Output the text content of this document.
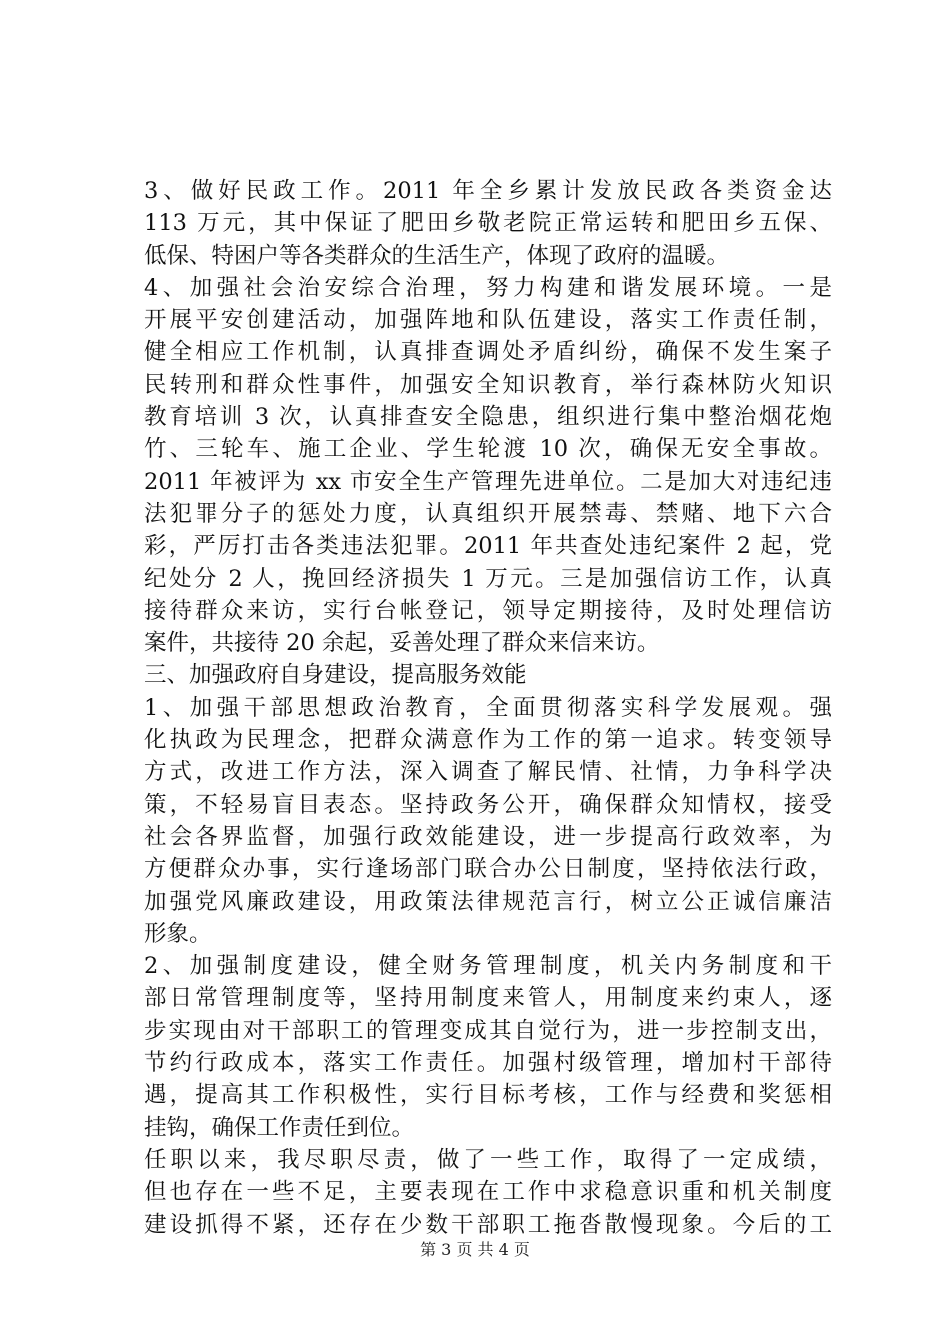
3、做好民政工作。2011 年全乡累计发放民政各类资金达
113 万元，其中保证了肥田乡敬老院正常运转和肥田乡五保、
低保、特困户等各类群众的生活生产，体现了政府的温暖。
4、加强社会治安综合治理，努力构建和谐发展环境。一是
开展平安创建活动，加强阵地和队伍建设，落实工作责任制，
健全相应工作机制，认真排查调处矛盾纠纷，确保不发生案子
民转刑和群众性事件，加强安全知识教育，举行森林防火知识
教育培训 3 次，认真排查安全隐患，组织进行集中整治烟花炮
竹、三轮车、施工企业、学生轮渡 10 次，确保无安全事故。
2011 年被评为 xx 市安全生产管理先进单位。二是加大对违纪违
法犯罪分子的惩处力度，认真组织开展禁毒、禁赌、地下六合
彩，严厉打击各类违法犯罪。2011 年共查处违纪案件 2 起，党
纪处分 2 人，挽回经济损失 1 万元。三是加强信访工作，认真
接待群众来访，实行台帐登记，领导定期接待，及时处理信访
案件，共接待 20 余起，妥善处理了群众来信来访。
三、加强政府自身建设，提高服务效能
1、加强干部思想政治教育，全面贯彻落实科学发展观。强
化执政为民理念，把群众满意作为工作的第一追求。转变领导
方式，改进工作方法，深入调查了解民情、社情，力争科学决
策，不轻易盲目表态。坚持政务公开，确保群众知情权，接受
社会各界监督，加强行政效能建设，进一步提高行政效率，为
方便群众办事，实行逢场部门联合办公日制度，坚持依法行政，
加强党风廉政建设，用政策法律规范言行，树立公正诚信廉洁
形象。
2、加强制度建设，健全财务管理制度，机关内务制度和干
部日常管理制度等，坚持用制度来管人，用制度来约束人，逐
步实现由对干部职工的管理变成其自觉行为，进一步控制支出，
节约行政成本，落实工作责任。加强村级管理，增加村干部待
遇，提高其工作积极性，实行目标考核，工作与经费和奖惩相
挂钩，确保工作责任到位。
任职以来，我尽职尽责，做了一些工作，取得了一定成绩，
但也存在一些不足，主要表现在工作中求稳意识重和机关制度
建设抓得不紧，还存在少数干部职工拖沓散慢现象。今后的工
第 3 页 共 4 页
